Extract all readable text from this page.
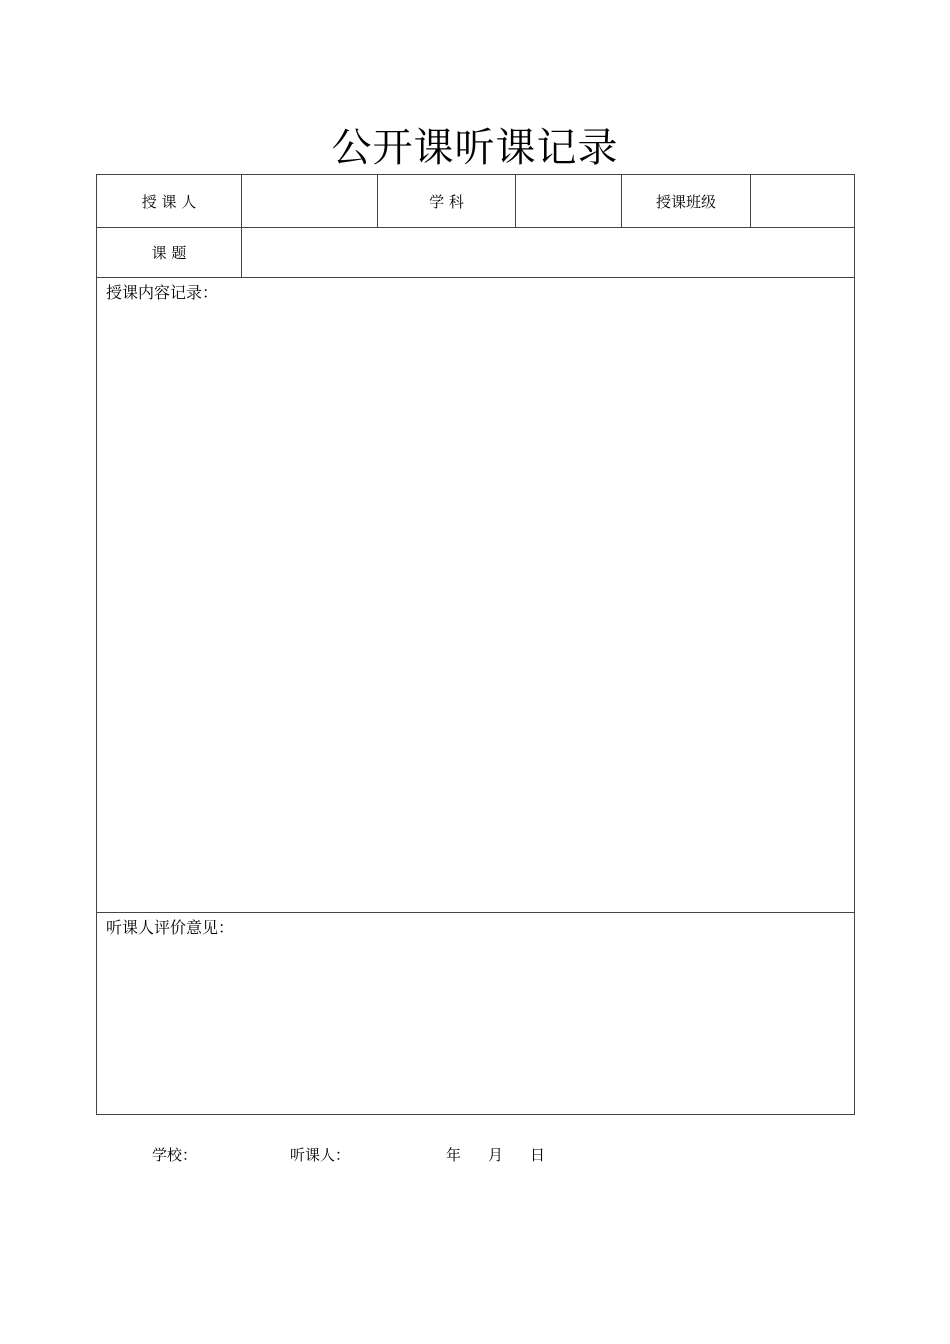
公开课听课记录
授 课 人		学 科		授课班级	
课 题					

授课内容记录：					

听课人评价意见：					
学校：	听课人：	年 月 日
